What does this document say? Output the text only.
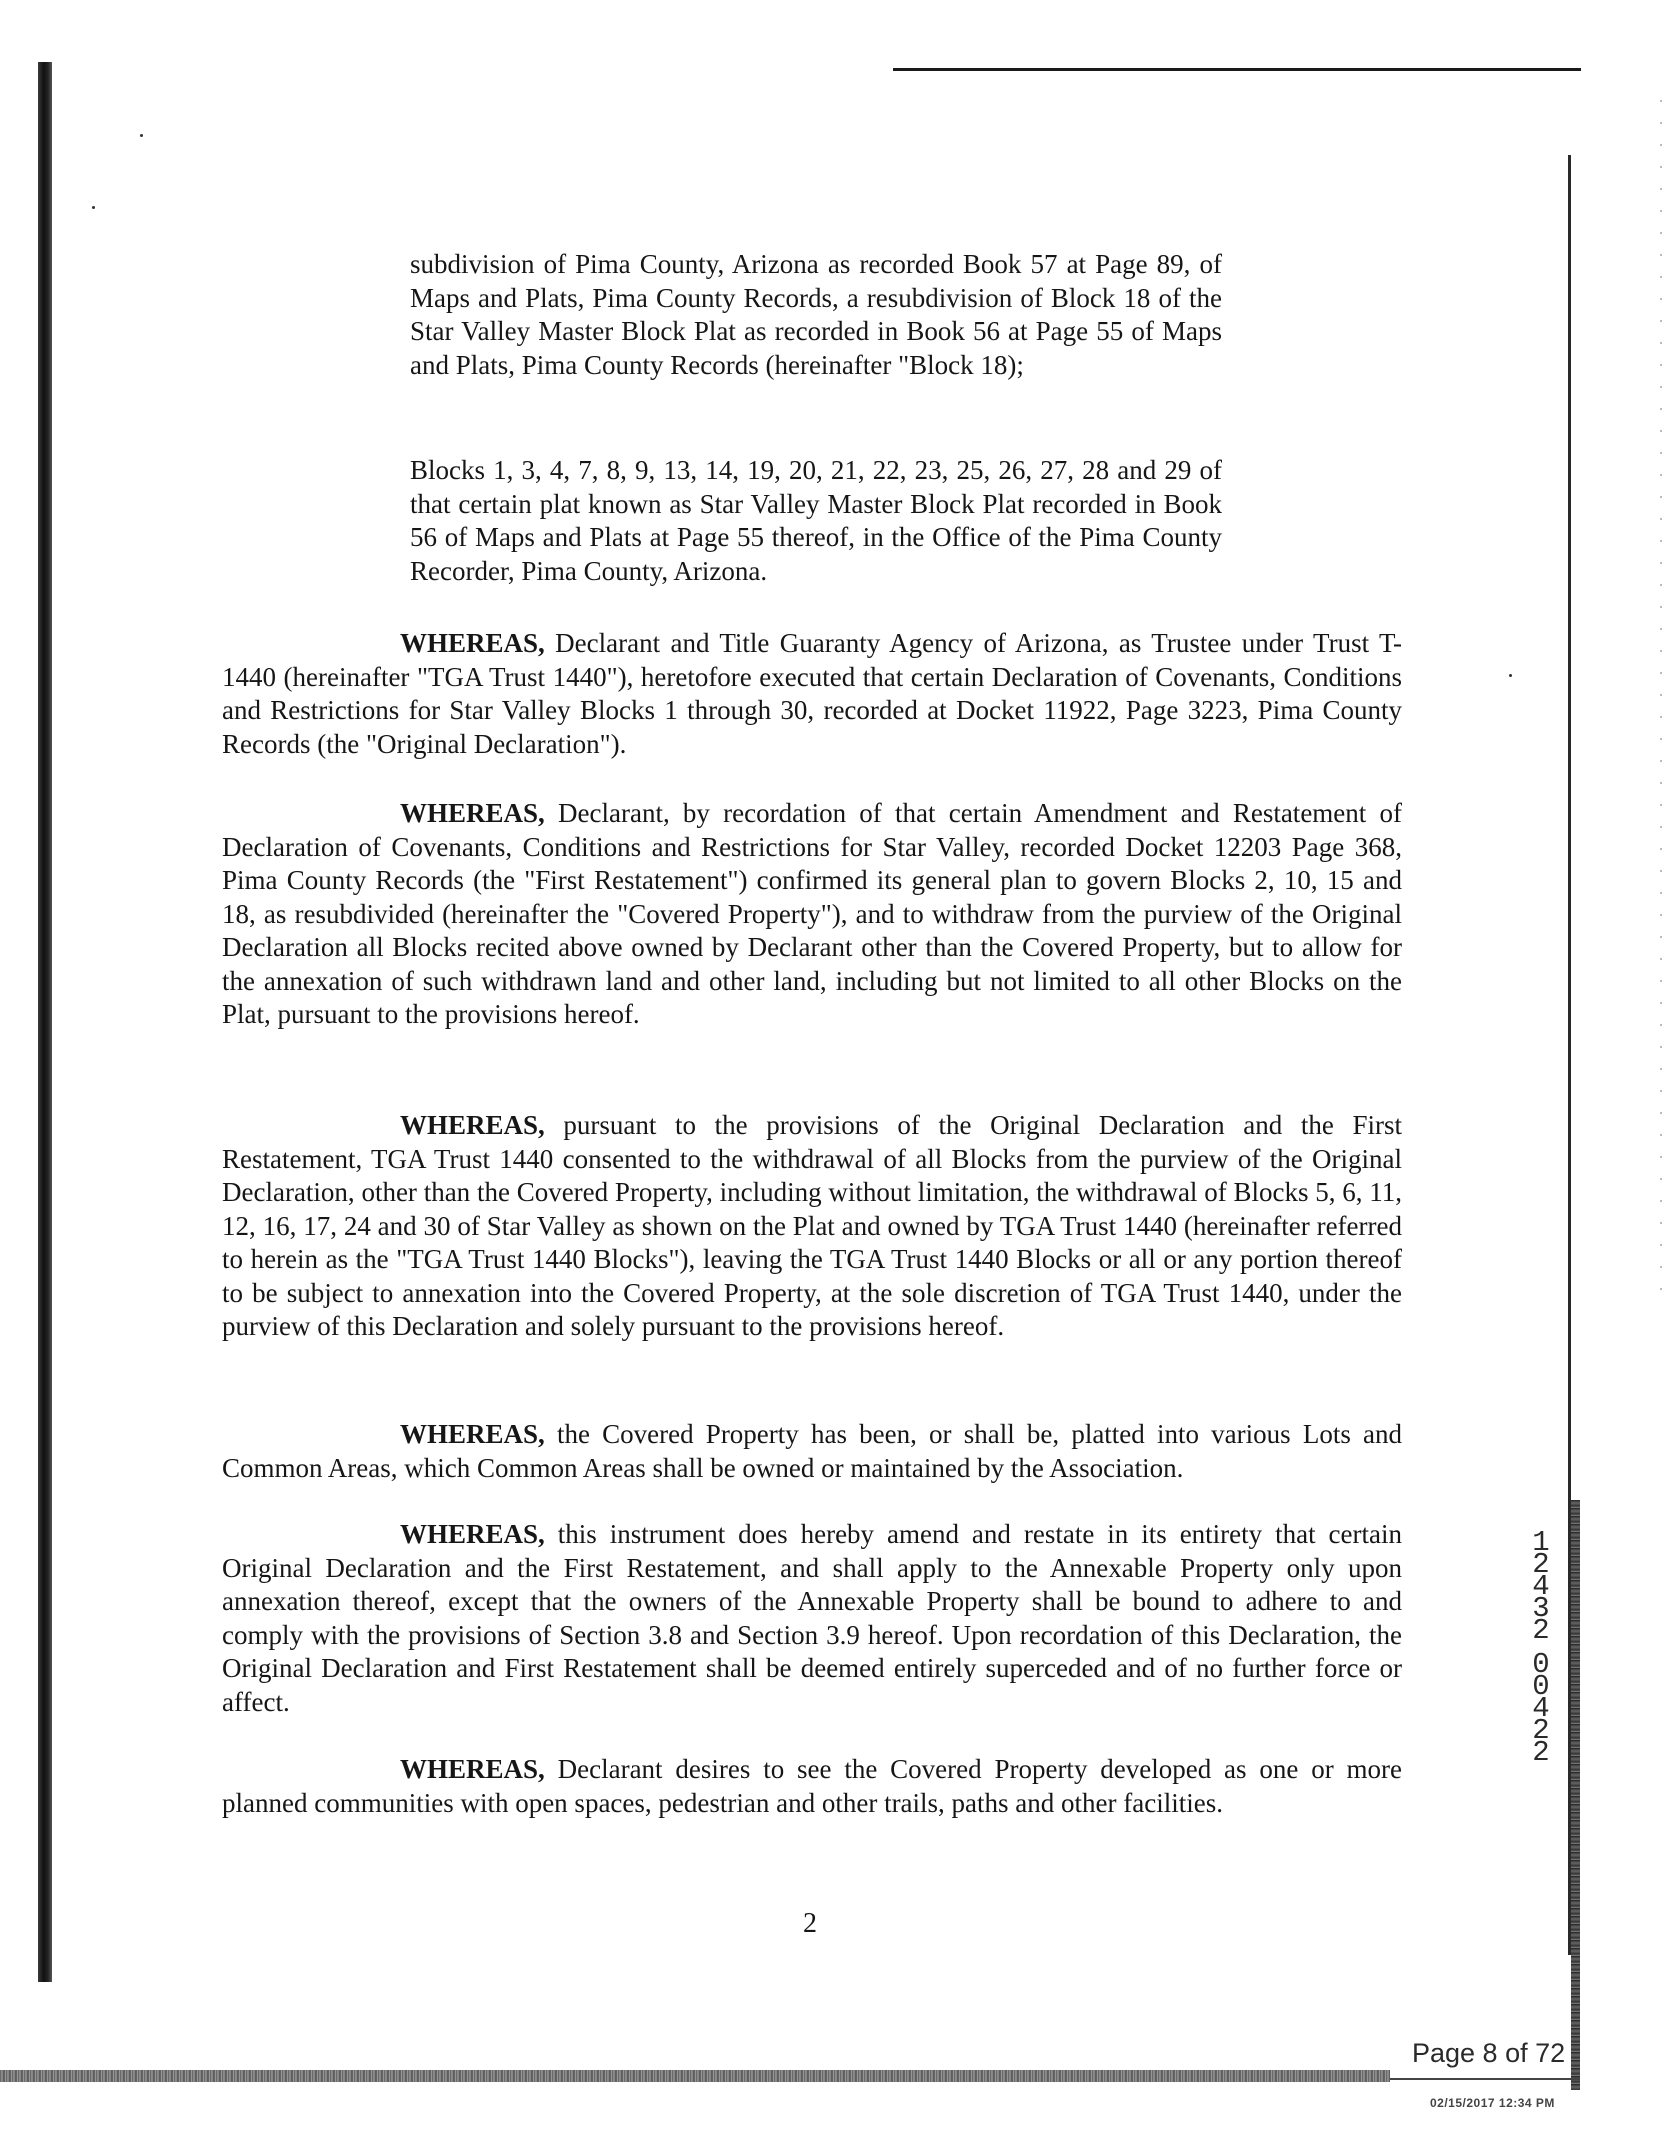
subdivision of Pima County, Arizona as recorded Book 57 at Page 89, of Maps and Plats, Pima County Records, a resubdivision of Block 18 of the Star Valley Master Block Plat as recorded in Book 56 at Page 55 of Maps and Plats, Pima County Records (hereinafter "Block 18);
Blocks 1, 3, 4, 7, 8, 9, 13, 14, 19, 20, 21, 22, 23, 25, 26, 27, 28 and 29 of that certain plat known as Star Valley Master Block Plat recorded in Book 56 of Maps and Plats at Page 55 thereof, in the Office of the Pima County Recorder, Pima County, Arizona.
WHEREAS, Declarant and Title Guaranty Agency of Arizona, as Trustee under Trust T-1440 (hereinafter "TGA Trust 1440"), heretofore executed that certain Declaration of Covenants, Conditions and Restrictions for Star Valley Blocks 1 through 30, recorded at Docket 11922, Page 3223, Pima County Records (the "Original Declaration").
WHEREAS, Declarant, by recordation of that certain Amendment and Restatement of Declaration of Covenants, Conditions and Restrictions for Star Valley, recorded Docket 12203 Page 368, Pima County Records (the "First Restatement") confirmed its general plan to govern Blocks 2, 10, 15 and 18, as resubdivided (hereinafter the "Covered Property"), and to withdraw from the purview of the Original Declaration all Blocks recited above owned by Declarant other than the Covered Property, but to allow for the annexation of such withdrawn land and other land, including but not limited to all other Blocks on the Plat, pursuant to the provisions hereof.
WHEREAS, pursuant to the provisions of the Original Declaration and the First Restatement, TGA Trust 1440 consented to the withdrawal of all Blocks from the purview of the Original Declaration, other than the Covered Property, including without limitation, the withdrawal of Blocks 5, 6, 11, 12, 16, 17, 24 and 30 of Star Valley as shown on the Plat and owned by TGA Trust 1440 (hereinafter referred to herein as the "TGA Trust 1440 Blocks"), leaving the TGA Trust 1440 Blocks or all or any portion thereof to be subject to annexation into the Covered Property, at the sole discretion of TGA Trust 1440, under the purview of this Declaration and solely pursuant to the provisions hereof.
WHEREAS, the Covered Property has been, or shall be, platted into various Lots and Common Areas, which Common Areas shall be owned or maintained by the Association.
WHEREAS, this instrument does hereby amend and restate in its entirety that certain Original Declaration and the First Restatement, and shall apply to the Annexable Property only upon annexation thereof, except that the owners of the Annexable Property shall be bound to adhere to and comply with the provisions of Section 3.8 and Section 3.9 hereof. Upon recordation of this Declaration, the Original Declaration and First Restatement shall be deemed entirely superceded and of no further force or affect.
WHEREAS, Declarant desires to see the Covered Property developed as one or more planned communities with open spaces, pedestrian and other trails, paths and other facilities.
2
12432
00422
Page 8 of 72
02/15/2017 12:34 PM
